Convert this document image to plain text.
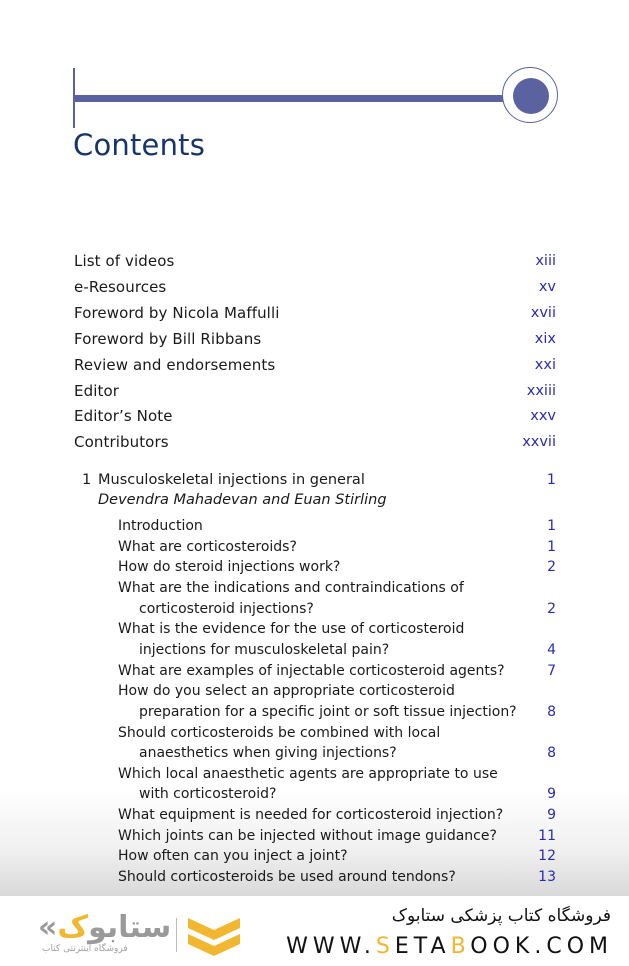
Contents
List of videos	xiii
e-Resources	xv
Foreword by Nicola Maffulli	xvii
Foreword by Bill Ribbans	xix
Review and endorsements	xxi
Editor	xxiii
Editor’s Note	xxv
Contributors	xxvii
1 Musculoskeletal injections in general	1
Devendra Mahadevan and Euan Stirling
Introduction	1
What are corticosteroids?	1
How do steroid injections work?	2
What are the indications and contraindications of
corticosteroid injections?	2
What is the evidence for the use of corticosteroid
injections for musculoskeletal pain?	4
What are examples of injectable corticosteroid agents?	7
How do you select an appropriate corticosteroid
preparation for a specific joint or soft tissue injection? 8
Should corticosteroids be combined with local
anaesthetics when giving injections?	8
Which local anaesthetic agents are appropriate to use
with corticosteroid?	9
What equipment is needed for corticosteroid injection?	9
Which joints can be injected without image guidance?	11
How often can you inject a joint?	12
Should corticosteroids be used around tendons?	13
«ستابوک
فروشگاه اینترنتی کتاب
فروشگاه کتاب پزشکی ستابوک
WWW.SETABOOK.COM
